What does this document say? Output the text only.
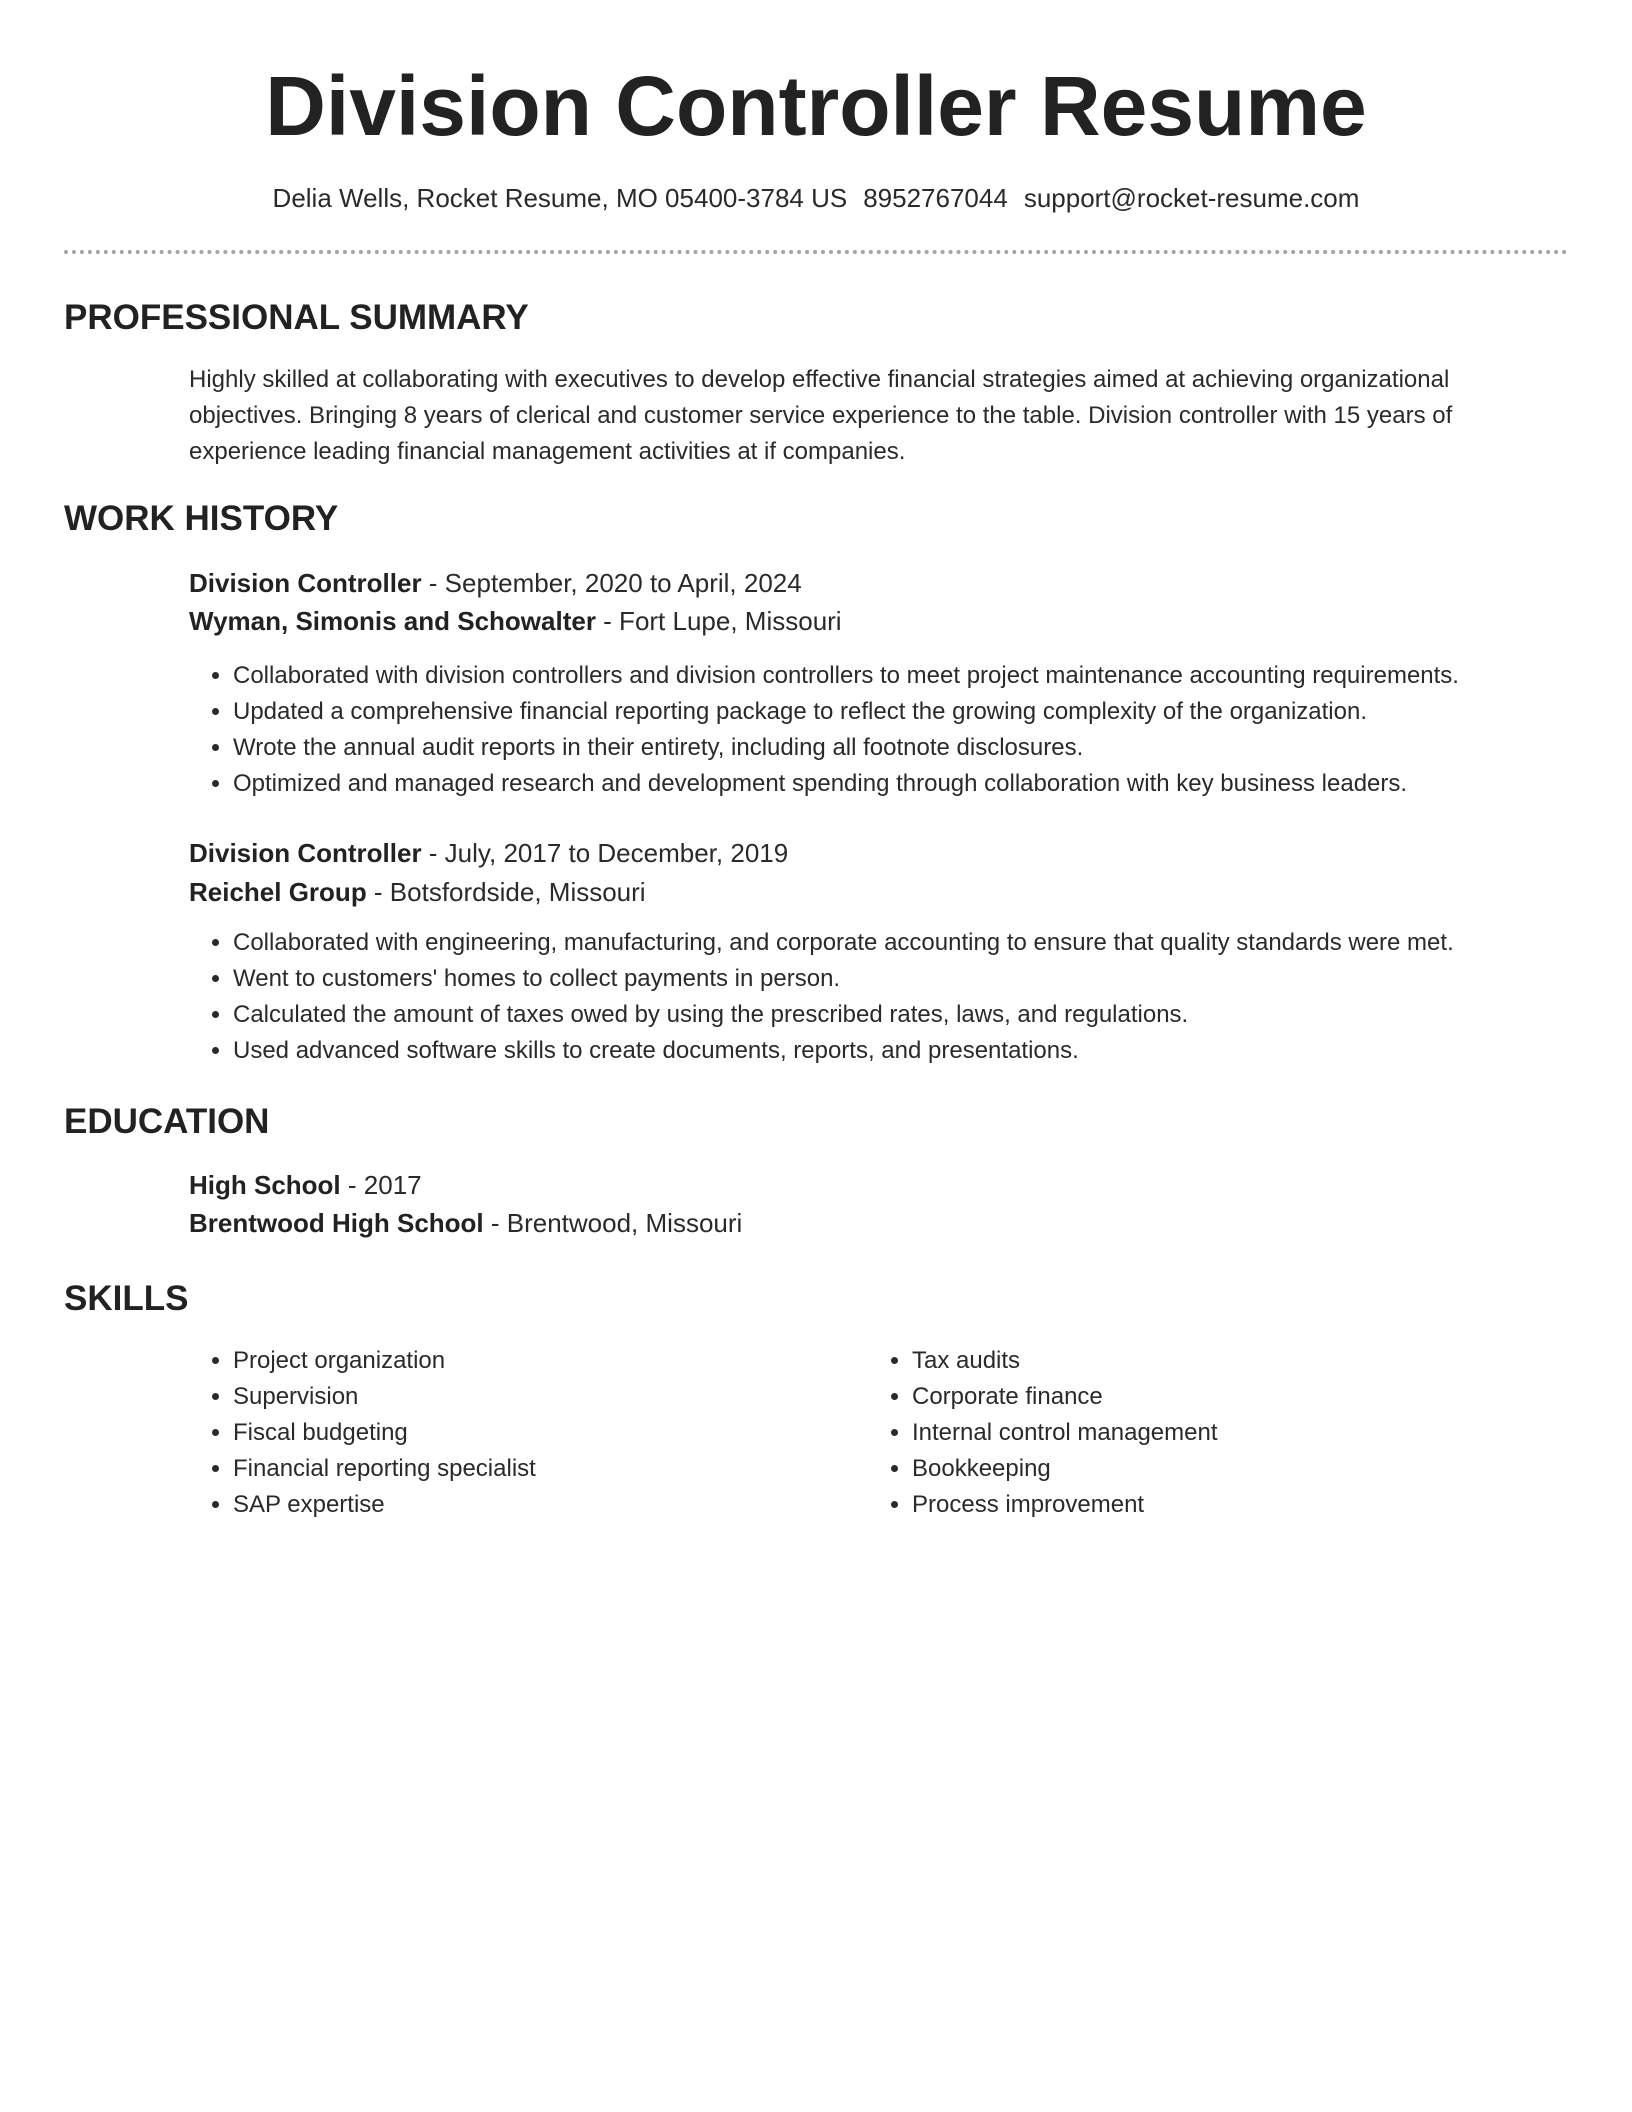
Division Controller Resume
Delia Wells, Rocket Resume, MO 05400-3784 US 8952767044 support@rocket-resume.com
PROFESSIONAL SUMMARY

Highly skilled at collaborating with executives to develop effective financial strategies aimed at achieving organizational objectives. Bringing 8 years of clerical and customer service experience to the table. Division controller with 15 years of experience leading financial management activities at if companies.

WORK HISTORY
Division Controller - September, 2020 to April, 2024
Wyman, Simonis and Schowalter - Fort Lupe, Missouri
• Collaborated with division controllers and division controllers to meet project maintenance accounting requirements.
• Updated a comprehensive financial reporting package to reflect the growing complexity of the organization.
• Wrote the annual audit reports in their entirety, including all footnote disclosures.
• Optimized and managed research and development spending through collaboration with key business leaders.
Division Controller - July, 2017 to December, 2019
Reichel Group - Botsfordside, Missouri
• Collaborated with engineering, manufacturing, and corporate accounting to ensure that quality standards were met.
• Went to customers' homes to collect payments in person.
• Calculated the amount of taxes owed by using the prescribed rates, laws, and regulations.
• Used advanced software skills to create documents, reports, and presentations.
EDUCATION
High School - 2017
Brentwood High School - Brentwood, Missouri
SKILLS
• Project organization
• Supervision
• Fiscal budgeting
• Financial reporting specialist
• SAP expertise
• Tax audits
• Corporate finance
• Internal control management
• Bookkeeping
• Process improvement
